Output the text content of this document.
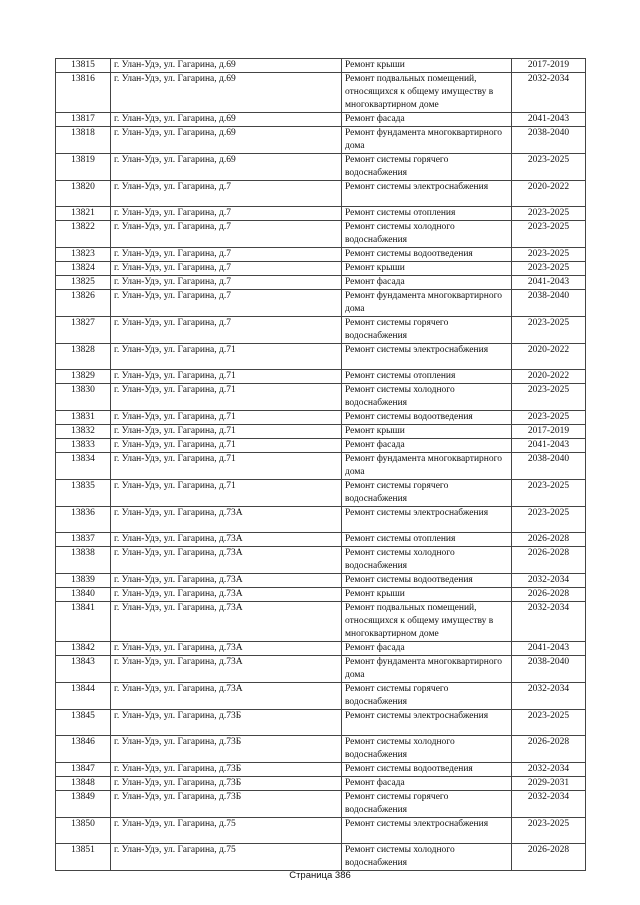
13815	г. Улан-Удэ, ул. Гагарина, д.69	Ремонт крыши	2017-2019
13816	г. Улан-Удэ, ул. Гагарина, д.69	Ремонт подвальных помещений, относящихся к общему имуществу в многоквартирном доме	2032-2034
13817	г. Улан-Удэ, ул. Гагарина, д.69	Ремонт фасада	2041-2043
13818	г. Улан-Удэ, ул. Гагарина, д.69	Ремонт фундамента многоквартирного дома	2038-2040
13819	г. Улан-Удэ, ул. Гагарина, д.69	Ремонт системы горячего водоснабжения	2023-2025
13820	г. Улан-Удэ, ул. Гагарина, д.7	Ремонт системы электроснабжения	2020-2022
13821	г. Улан-Удэ, ул. Гагарина, д.7	Ремонт системы отопления	2023-2025
13822	г. Улан-Удэ, ул. Гагарина, д.7	Ремонт системы холодного водоснабжения	2023-2025
13823	г. Улан-Удэ, ул. Гагарина, д.7	Ремонт системы водоотведения	2023-2025
13824	г. Улан-Удэ, ул. Гагарина, д.7	Ремонт крыши	2023-2025
13825	г. Улан-Удэ, ул. Гагарина, д.7	Ремонт фасада	2041-2043
13826	г. Улан-Удэ, ул. Гагарина, д.7	Ремонт фундамента многоквартирного дома	2038-2040
13827	г. Улан-Удэ, ул. Гагарина, д.7	Ремонт системы горячего водоснабжения	2023-2025
13828	г. Улан-Удэ, ул. Гагарина, д.71	Ремонт системы электроснабжения	2020-2022
13829	г. Улан-Удэ, ул. Гагарина, д.71	Ремонт системы отопления	2020-2022
13830	г. Улан-Удэ, ул. Гагарина, д.71	Ремонт системы холодного водоснабжения	2023-2025
13831	г. Улан-Удэ, ул. Гагарина, д.71	Ремонт системы водоотведения	2023-2025
13832	г. Улан-Удэ, ул. Гагарина, д.71	Ремонт крыши	2017-2019
13833	г. Улан-Удэ, ул. Гагарина, д.71	Ремонт фасада	2041-2043
13834	г. Улан-Удэ, ул. Гагарина, д.71	Ремонт фундамента многоквартирного дома	2038-2040
13835	г. Улан-Удэ, ул. Гагарина, д.71	Ремонт системы горячего водоснабжения	2023-2025
13836	г. Улан-Удэ, ул. Гагарина, д.73А	Ремонт системы электроснабжения	2023-2025
13837	г. Улан-Удэ, ул. Гагарина, д.73А	Ремонт системы отопления	2026-2028
13838	г. Улан-Удэ, ул. Гагарина, д.73А	Ремонт системы холодного водоснабжения	2026-2028
13839	г. Улан-Удэ, ул. Гагарина, д.73А	Ремонт системы водоотведения	2032-2034
13840	г. Улан-Удэ, ул. Гагарина, д.73А	Ремонт крыши	2026-2028
13841	г. Улан-Удэ, ул. Гагарина, д.73А	Ремонт подвальных помещений, относящихся к общему имуществу в многоквартирном доме	2032-2034
13842	г. Улан-Удэ, ул. Гагарина, д.73А	Ремонт фасада	2041-2043
13843	г. Улан-Удэ, ул. Гагарина, д.73А	Ремонт фундамента многоквартирного дома	2038-2040
13844	г. Улан-Удэ, ул. Гагарина, д.73А	Ремонт системы горячего водоснабжения	2032-2034
13845	г. Улан-Удэ, ул. Гагарина, д.73Б	Ремонт системы электроснабжения	2023-2025
13846	г. Улан-Удэ, ул. Гагарина, д.73Б	Ремонт системы холодного водоснабжения	2026-2028
13847	г. Улан-Удэ, ул. Гагарина, д.73Б	Ремонт системы водоотведения	2032-2034
13848	г. Улан-Удэ, ул. Гагарина, д.73Б	Ремонт фасада	2029-2031
13849	г. Улан-Удэ, ул. Гагарина, д.73Б	Ремонт системы горячего водоснабжения	2032-2034
13850	г. Улан-Удэ, ул. Гагарина, д.75	Ремонт системы электроснабжения	2023-2025
13851	г. Улан-Удэ, ул. Гагарина, д.75	Ремонт системы холодного водоснабжения	2026-2028
Страница 386
